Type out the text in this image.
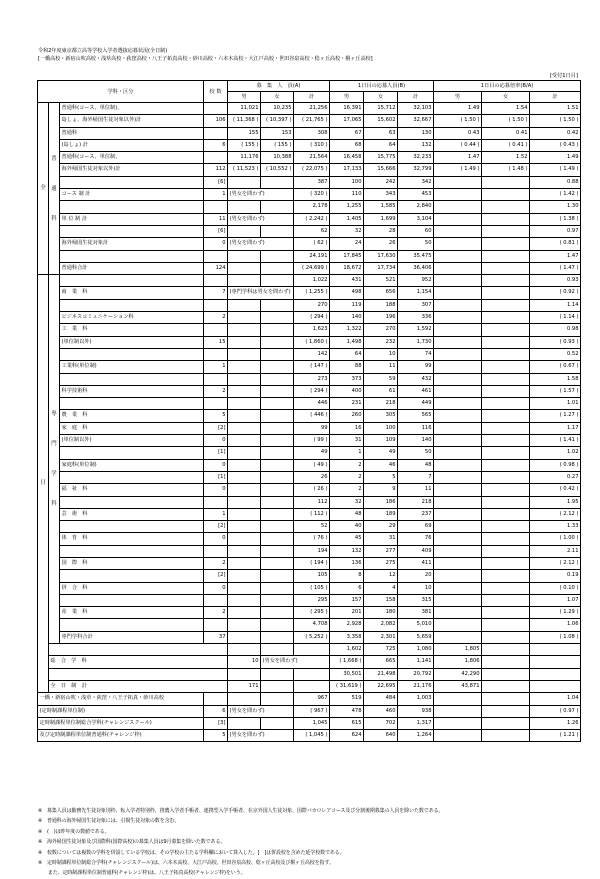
令和2年度東京都立高等学校入学者選抜応募状況(全日制)
[一橋高校・新宿山吹高校・浅草高校・荻窪高校・八王子拓真高校・砂川高校・六本木高校・大江戸高校・世田谷泉高校・稔ヶ丘高校・桐ヶ丘高校]
[受付1日目]
学科・区分			校 数	募　集　人　員(A)			1日目の応募人員(B)			1日目の応募倍率(B/A)			
				男	女	計	男	女	計	男	女	計	
全	普
通
科	普通科(コース、単位制)、		11,021	10,235	21,256	16,391	15,712	32,103	1.49	1.54	1.51	
		島しょ、海外帰国生徒対象以外)計	106	( 11,368 )	( 10,397 )	( 21,765 )	17,065	15,602	32,667	( 1.50 )	( 1.50 )	( 1.50 )	
		普通科		155	153	308	67	63	130	0.43	0.41	0.42	
		(島しょ) 計	6	( 155 )	( 155 )	( 310 )	68	64	132	( 0.44 )	( 0.41 )	( 0.43 )	
		普通科(コース、単位制、		11,176	10,388	21,564	16,458	15,775	32,233	1.47	1.52	1.49	
		海外帰国生徒対象以外)計	112	( 11,523 )	( 10,552 )	( 22,075 )	17,133	15,666	32,799	( 1.49 )	( 1.48 )	( 1.49 )	
			[6]			387	100	242	342			0.88	
		コース 制 計	1	(男女を問わず)		( 320 )	110	343	453			( 1.42 )	
						2,178	1,255	1,585	2,840			1.30	
		単 位 制 計	11	(男女を問わず)		( 2,242 )	1,405	1,699	3,104			( 1.38 )	
			[6]			62	32	28	60			0.97	
		海外帰国生徒対象計	0	(男女を問わず)		( 62 )	24	26	50			( 0.81 )	
						24,191	17,845	17,630	35,475			1.47	
		普通科合計	124			( 24,699 )	18,672	17,734	36,406			( 1.47 )	
日	専
門
学
科					1,022	431	521	952			0.93	
		商　業　科	7	(専門学科は男女を問わず)		( 1,255 )	498	656	1,154			( 0.92 )	
						270	119	188	307			1.14	
		ビジネスコミュニケーション科	2			( 294 )	140	196	336			( 1.14 )	
		工　業　科				1,623	1,322	270	1,592			0.98	
		(単位制以外)	15			( 1,860 )	1,498	232	1,730			( 0.93 )	
						142	64	10	74			0.52	
		工業科(単位制)	1			( 147 )	88	11	99			( 0.67 )	
						273	373	59	432			1.58	
		科学技術科	2			( 294 )	400	61	461			( 1.57 )	
						446	231	218	449			1.01	
		農　業　科	5			( 446 )	260	305	565			( 1.27 )	
		家　庭　科	[2]			99	16	100	116			1.17	
		(単位制以外)	0			( 99 )	31	109	140			( 1.41 )	
			[1]			49	1	49	50			1.02	
		家庭科(単位制)	0			( 49 )	2	46	48			( 0.98 )	
			[1]			26	2	5	7			0.27	
		福　祉　科	0			( 26 )	2	9	11			( 0.42 )	
						112	32	186	218			1.95	
		芸　術　科	1			( 112 )	48	189	237			( 2.12 )	
			[2]			52	40	29	69			1.33	
		体　育　科	0			( 76 )	45	31	76			( 1.00 )	
						194	132	277	409			2.11	
		国　際　科	2			( 194 )	136	275	411			( 2.12 )	
			[2]			105	8	12	20			0.19	
		併　合　科	0			( 105 )	6	4	10			( 0.10 )	
						295	157	158	315			1.07	
		産　業　科	2			( 295 )	201	180	381			( 1.29 )	
						4,708	2,928	2,082	5,010			1.06	
		専門学科合計	37			( 5,252 )	3,358	2,301	5,659			( 1.08 )	
							1,602	725	1,080	1,805			
	総　合　学　科			10	(男女を問わず)		( 1,668 )	665	1,141	1,806			
							30,501	21,498	20,792	42,290			
	全　日　制　計			171			( 31,619 )	22,695	21,176	43,871			
一橋・新宿山吹・浅草・荻窪・八王子拓真・砂川高校						967	519	484	1,003			1.04	
(定時制課程単位制)			6	(男女を問わず)		( 967 )	478	460	938			( 0.97 )	
定時制課程単位制総合学科(チャレンジスクール)			[3]			1,045	615	702	1,317			1.26	
及び定時制課程単位制普通科(チャレンジ枠)			5	(男女を問わず)		( 1,045 )	624	640	1,264			( 1.21 )	
※　募集人員は勤務先生徒対象別枠、転入学者特別枠、推薦入学者手帳者、連携型入学手帳者、在京外国人生徒対象、国際バカロレアコース及び分割後期募集の人員を除いた数である。
※　普通科の海外帰国生徒対象には、引揚生徒対象の数を含む。
※　(　)は昨年度の数値である。
※　海外帰国生徒対象及び国際科(国際高校)の募集人員は9月募集を除いた数である。
※　校数については複数の学科を併設している学校は、その学校の主たる学科欄において算入した。[　]は併設校を含めた延学校数である。
※　定時制課程単位制総合学科(チャレンジスクール)は、六本木高校、大江戸高校、世田谷泉高校、稔ヶ丘高校及び桐ヶ丘高校を指す。
　　また、定時制課程単位制普通科(チャレンジ枠)は、八王子拓真高校(チャレンジ枠)をいう。
